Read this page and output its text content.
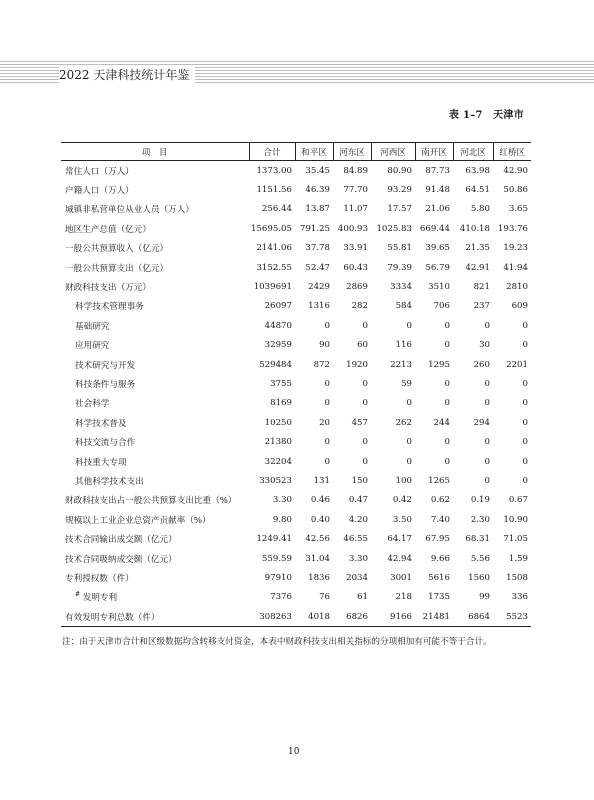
2022 天津科技统计年鉴
表 1–7　天津市
项　目	合计	和平区	河东区	河西区	南开区	河北区	红桥区
常住人口（万人）	1373.00	35.45	84.89	80.90	87.73	63.98	42.90
户籍人口（万人）	1151.56	46.39	77.70	93.29	91.48	64.51	50.86
城镇非私营单位从业人员（万人）	256.44	13.87	11.07	17.57	21.06	5.80	3.65
地区生产总值（亿元）	15695.05	791.25	400.93	1025.83	669.44	410.18	193.76
一般公共预算收入（亿元）	2141.06	37.78	33.91	55.81	39.65	21.35	19.23
一般公共预算支出（亿元）	3152.55	52.47	60.43	79.39	56.79	42.91	41.94
财政科技支出（万元）	1039691	2429	2869	3334	3510	821	2810
科学技术管理事务	26097	1316	282	584	706	237	609
基础研究	44870	0	0	0	0	0	0
应用研究	32959	90	60	116	0	30	0
技术研究与开发	529484	872	1920	2213	1295	260	2201
科技条件与服务	3755	0	0	59	0	0	0
社会科学	8169	0	0	0	0	0	0
科学技术普及	10250	20	457	262	244	294	0
科技交流与合作	21380	0	0	0	0	0	0
科技重大专项	32204	0	0	0	0	0	0
其他科学技术支出	330523	131	150	100	1265	0	0
财政科技支出占一般公共预算支出比重（%）	3.30	0.46	0.47	0.42	0.62	0.19	0.67
规模以上工业企业总资产贡献率（%）	9.80	0.40	4.20	3.50	7.40	2.30	10.90
技术合同输出成交额（亿元）	1249.41	42.56	46.55	64.17	67.95	68.31	71.05
技术合同吸纳成交额（亿元）	559.59	31.04	3.30	42.94	9.66	5.56	1.59
专利授权数（件）	97910	1836	2034	3001	5616	1560	1508
# 发明专利	7376	76	61	218	1735	99	336
有效发明专利总数（件）	308263	4018	6826	9166	21481	6864	5523
注：由于天津市合计和区级数据均含转移支付资金，本表中财政科技支出相关指标的分项相加有可能不等于合计。
10
